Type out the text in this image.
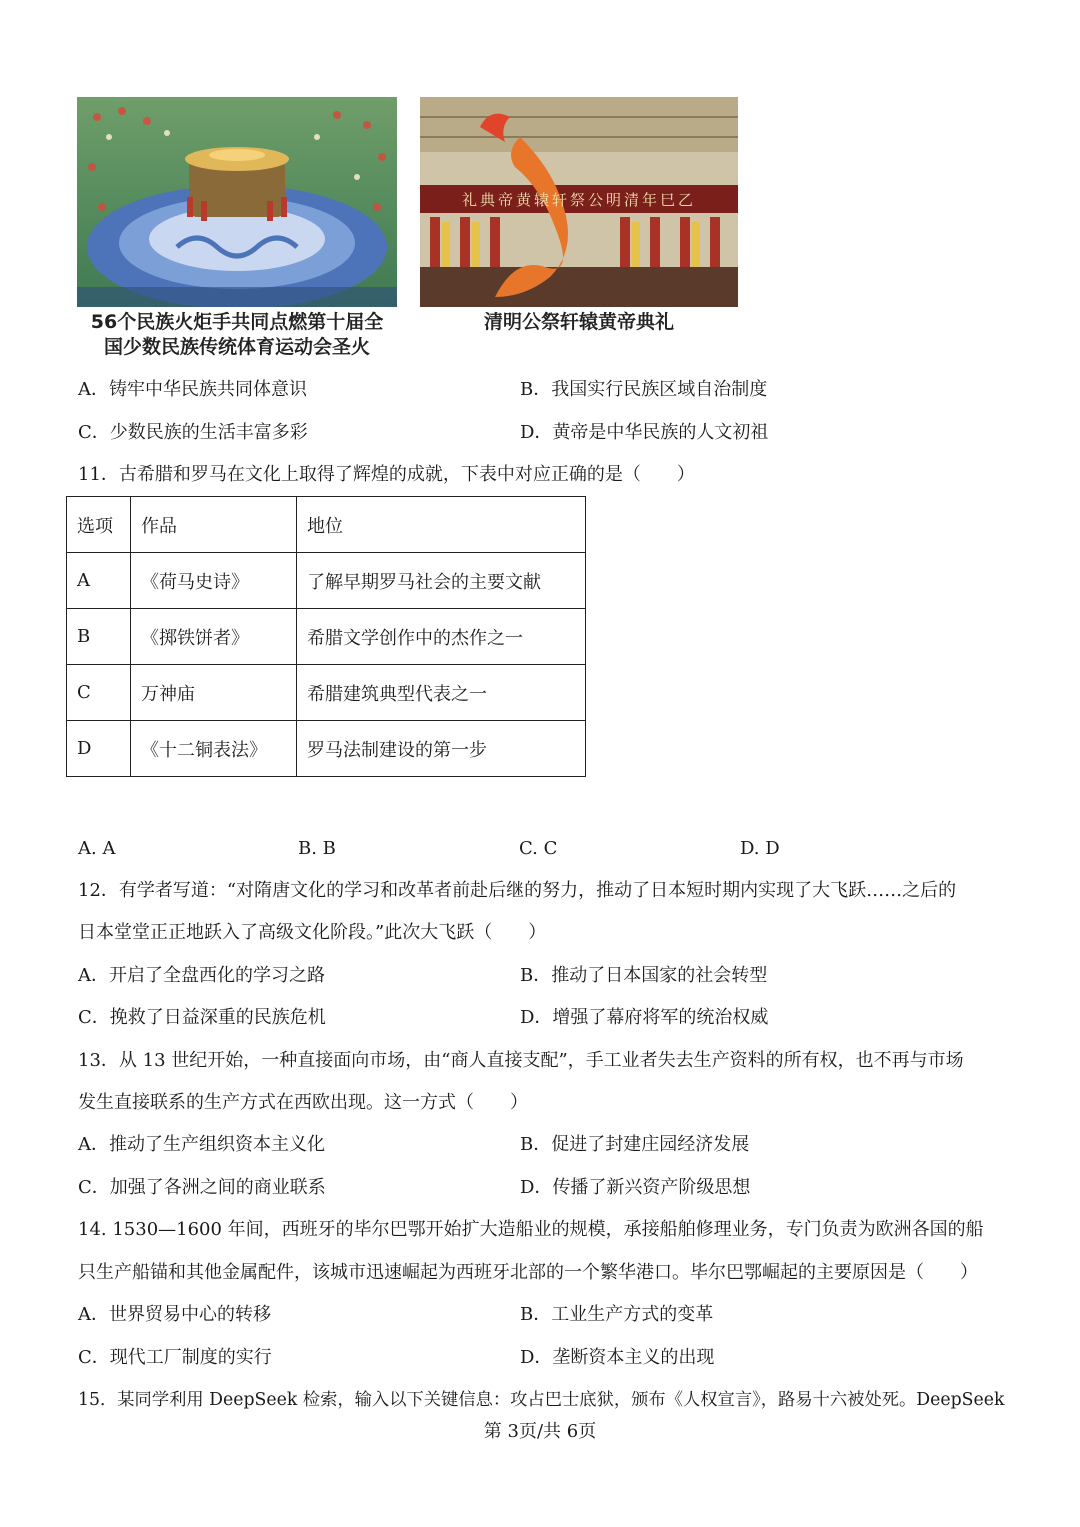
56个民族火炬手共同点燃第十届全
国少数民族传统体育运动会圣火
礼典帝黄辕轩祭公明清年巳乙
清明公祭轩辕黄帝典礼
A．铸牢中华民族共同体意识	B．我国实行民族区域自治制度
C．少数民族的生活丰富多彩	D．黄帝是中华民族的人文初祖
11．古希腊和罗马在文化上取得了辉煌的成就，下表中对应正确的是（　　）
选项	作品	地位
A	《荷马史诗》	了解早期罗马社会的主要文献
B	《掷铁饼者》	希腊文学创作中的杰作之一
C	万神庙	希腊建筑典型代表之一
D	《十二铜表法》	罗马法制建设的第一步
A. A	B. B	C. C	D. D
12．有学者写道：“对隋唐文化的学习和改革者前赴后继的努力，推动了日本短时期内实现了大飞跃……之后的
日本堂堂正正地跃入了高级文化阶段。”此次大飞跃（　　）
A．开启了全盘西化的学习之路	B．推动了日本国家的社会转型
C．挽救了日益深重的民族危机	D．增强了幕府将军的统治权威
13．从 13 世纪开始，一种直接面向市场，由“商人直接支配”，手工业者失去生产资料的所有权，也不再与市场
发生直接联系的生产方式在西欧出现。这一方式（　　）
A．推动了生产组织资本主义化	B．促进了封建庄园经济发展
C．加强了各洲之间的商业联系	D．传播了新兴资产阶级思想
14. 1530—1600 年间，西班牙的毕尔巴鄂开始扩大造船业的规模，承接船舶修理业务，专门负责为欧洲各国的船
只生产船锚和其他金属配件，该城市迅速崛起为西班牙北部的一个繁华港口。毕尔巴鄂崛起的主要原因是（　　）
A．世界贸易中心的转移	B．工业生产方式的变革
C．现代工厂制度的实行	D．垄断资本主义的出现
15．某同学利用 DeepSeek 检索，输入以下关键信息：攻占巴士底狱，颁布《人权宣言》，路易十六被处死。DeepSeek
第 3页/共 6页
